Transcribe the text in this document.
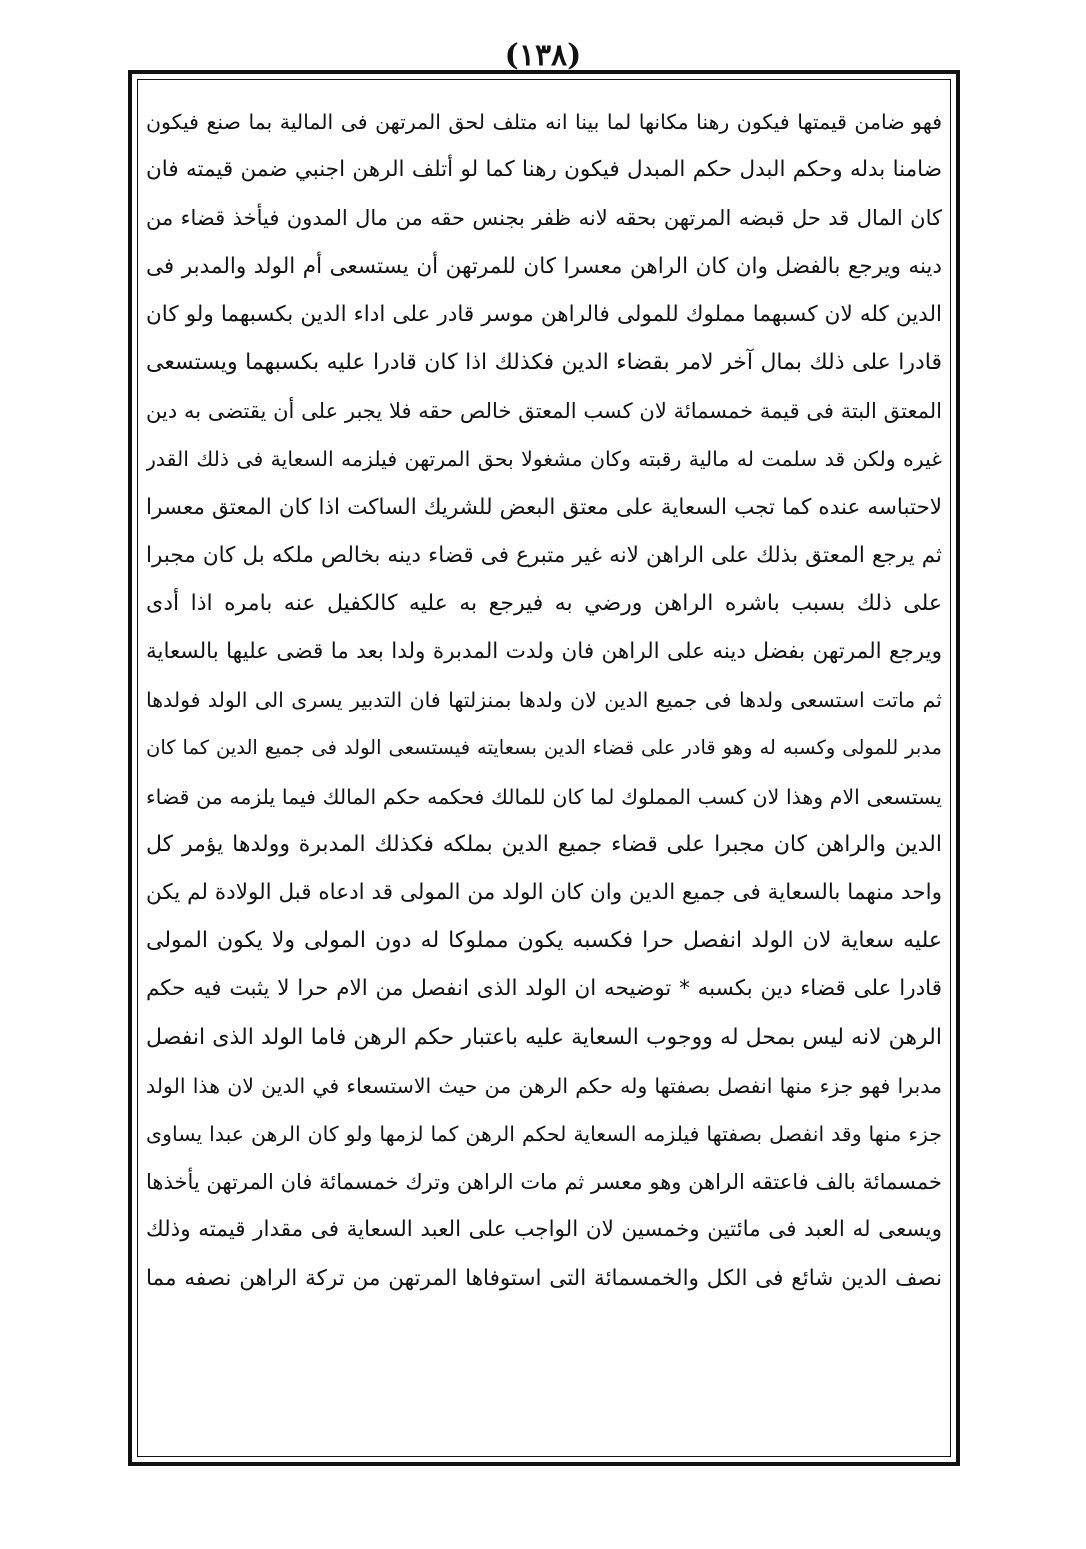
(١٣٨)
فهو ضامن قيمتها فيكون رهنا مكانها لما بينا انه متلف لحق المرتهن فى المالية بما صنع فيكون
ضامنا بدله وحكم البدل حكم المبدل فيكون رهنا كما لو أتلف الرهن اجنبي ضمن قيمته فان
كان المال قد حل قبضه المرتهن بحقه لانه ظفر بجنس حقه من مال المدون فيأخذ قضاء من
دينه ويرجع بالفضل وان كان الراهن معسرا كان للمرتهن أن يستسعى أم الولد والمدبر فى
الدين كله لان كسبهما مملوك للمولى فالراهن موسر قادر على اداء الدين بكسبهما ولو كان
قادرا على ذلك بمال آخر لامر بقضاء الدين فكذلك اذا كان قادرا عليه بكسبهما ويستسعى
المعتق البتة فى قيمة خمسمائة لان كسب المعتق خالص حقه فلا يجبر على أن يقتضى به دين
غيره ولكن قد سلمت له مالية رقبته وكان مشغولا بحق المرتهن فيلزمه السعاية فى ذلك القدر
لاحتباسه عنده كما تجب السعاية على معتق البعض للشريك الساكت اذا كان المعتق معسرا
ثم يرجع المعتق بذلك على الراهن لانه غير متبرع فى قضاء دينه بخالص ملكه بل كان مجبرا
على ذلك بسبب باشره الراهن ورضي به فيرجع به عليه كالكفيل عنه بامره اذا أدى
ويرجع المرتهن بفضل دينه على الراهن فان ولدت المدبرة ولدا بعد ما قضى عليها بالسعاية
ثم ماتت استسعى ولدها فى جميع الدين لان ولدها بمنزلتها فان التدبير يسرى الى الولد فولدها
مدبر للمولى وكسبه له وهو قادر على قضاء الدين بسعايته فيستسعى الولد فى جميع الدين كما كان
يستسعى الام وهذا لان كسب المملوك لما كان للمالك فحكمه حكم المالك فيما يلزمه من قضاء
الدين والراهن كان مجبرا على قضاء جميع الدين بملكه فكذلك المدبرة وولدها يؤمر كل
واحد منهما بالسعاية فى جميع الدين وان كان الولد من المولى قد ادعاه قبل الولادة لم يكن
عليه سعاية لان الولد انفصل حرا فكسبه يكون مملوكا له دون المولى ولا يكون المولى
قادرا على قضاء دين بكسبه * توضيحه ان الولد الذى انفصل من الام حرا لا يثبت فيه حكم
الرهن لانه ليس بمحل له ووجوب السعاية عليه باعتبار حكم الرهن فاما الولد الذى انفصل
مدبرا فهو جزء منها انفصل بصفتها وله حكم الرهن من حيث الاستسعاء في الدين لان هذا الولد
جزء منها وقد انفصل بصفتها فيلزمه السعاية لحكم الرهن كما لزمها ولو كان الرهن عبدا يساوى
خمسمائة بالف فاعتقه الراهن وهو معسر ثم مات الراهن وترك خمسمائة فان المرتهن يأخذها
ويسعى له العبد فى مائتين وخمسين لان الواجب على العبد السعاية فى مقدار قيمته وذلك
نصف الدين شائع فى الكل والخمسمائة التى استوفاها المرتهن من تركة الراهن نصفه مما
